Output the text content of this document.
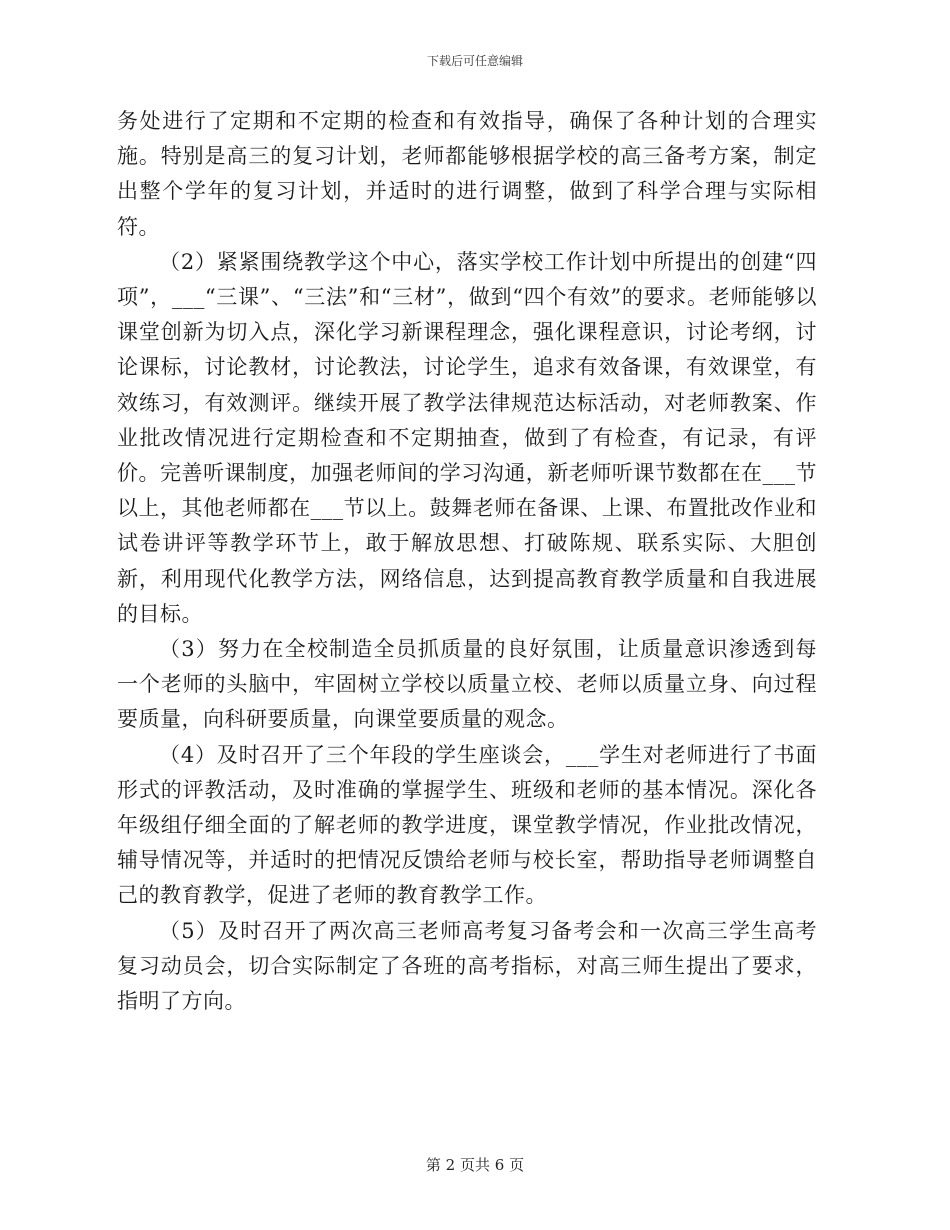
下载后可任意编辑

务处进行了定期和不定期的检查和有效指导，确保了各种计划的合理实施。特别是高三的复习计划，老师都能够根据学校的高三备考方案，制定出整个学年的复习计划，并适时的进行调整，做到了科学合理与实际相符。

（2）紧紧围绕教学这个中心，落实学校工作计划中所提出的创建“四项”，___“三课”、“三法”和“三材”，做到“四个有效”的要求。老师能够以课堂创新为切入点，深化学习新课程理念，强化课程意识，讨论考纲，讨论课标，讨论教材，讨论教法，讨论学生，追求有效备课，有效课堂，有效练习，有效测评。继续开展了教学法律规范达标活动，对老师教案、作业批改情况进行定期检查和不定期抽查，做到了有检查，有记录，有评价。完善听课制度，加强老师间的学习沟通，新老师听课节数都在在___节以上，其他老师都在___节以上。鼓舞老师在备课、上课、布置批改作业和试卷讲评等教学环节上，敢于解放思想、打破陈规、联系实际、大胆创新，利用现代化教学方法，网络信息，达到提高教育教学质量和自我进展的目标。

（3）努力在全校制造全员抓质量的良好氛围，让质量意识渗透到每一个老师的头脑中，牢固树立学校以质量立校、老师以质量立身、向过程要质量，向科研要质量，向课堂要质量的观念。

（4）及时召开了三个年段的学生座谈会，___学生对老师进行了书面形式的评教活动，及时准确的掌握学生、班级和老师的基本情况。深化各年级组仔细全面的了解老师的教学进度，课堂教学情况，作业批改情况，辅导情况等，并适时的把情况反馈给老师与校长室，帮助指导老师调整自己的教育教学，促进了老师的教育教学工作。

（5）及时召开了两次高三老师高考复习备考会和一次高三学生高考复习动员会，切合实际制定了各班的高考指标，对高三师生提出了要求，指明了方向。

第 2 页共 6 页
